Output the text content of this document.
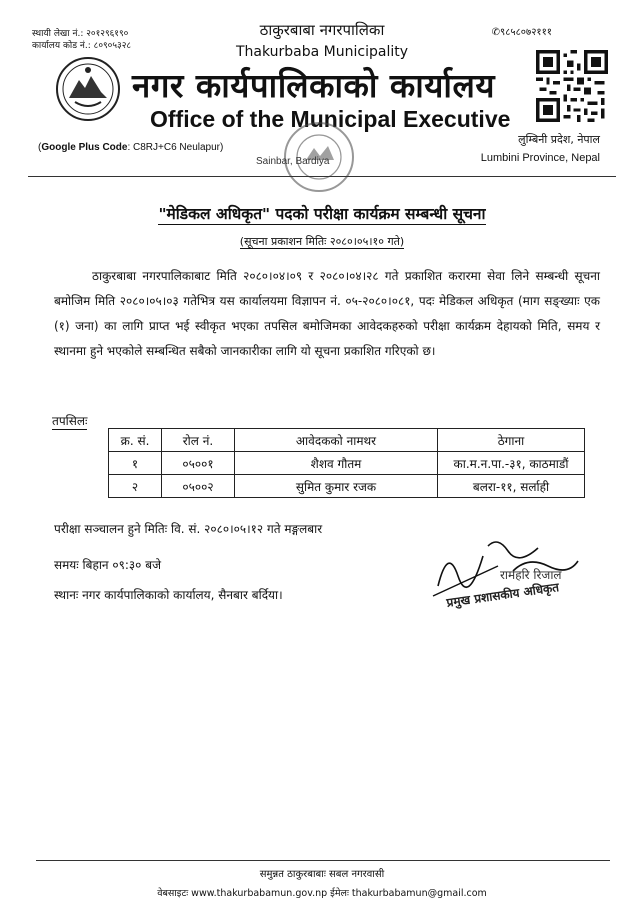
स्थायी लेखा नं.: २०१२९६१९०
कार्यालय कोड नं.: ८०९०५३२८
✆९८५८०७२१११
ठाकुरबाबा नगरपालिका
Thakurbaba Municipality
नगर कार्यपालिकाको कार्यालय
Office of the Municipal Executive
(Google Plus Code: C8RJ+C6 Neulapur)
Sainbar, Bardiya
लुम्बिनी प्रदेश, नेपाल
Lumbini Province, Nepal
"मेडिकल अधिकृत" पदको परीक्षा कार्यक्रम सम्बन्धी सूचना
(सूचना प्रकाशन मितिः २०८०।०५।१० गते)
ठाकुरबाबा नगरपालिकाबाट मिति २०८०।०४।०९ र २०८०।०४।२८ गते प्रकाशित करारमा सेवा लिने सम्बन्धी सूचना बमोजिम मिति २०८०।०५।०३ गतेभित्र यस कार्यालयमा विज्ञापन नं. ०५-२०८०।०८१, पदः मेडिकल अधिकृत (माग सङ्ख्याः एक (१) जना) का लागि प्राप्त भई स्वीकृत भएका तपसिल बमोजिमका आवेदकहरुको परीक्षा कार्यक्रम देहायको मिति, समय र स्थानमा हुने भएकोले सम्बन्धित सबैको जानकारीका लागि यो सूचना प्रकाशित गरिएको छ।
तपसिलः
क्र. सं.	रोल नं.	आवेदकको नामथर	ठेगाना
१	०५००१	शैशव गौतम	का.म.न.पा.-३१, काठमाडौं
२	०५००२	सुमित कुमार रजक	बलरा-११, सर्लाही
परीक्षा सञ्चालन हुने मितिः वि. सं. २०८०।०५।१२ गते मङ्गलबार
समयः बिहान ०९:३० बजे
स्थानः नगर कार्यपालिकाको कार्यालय, सैनबार बर्दिया।
रामहरि रिजाल
प्रमुख प्रशासकीय अधिकृत
समुन्नत ठाकुरबाबाः सबल नगरवासी
वेबसाइटः www.thakurbabamun.gov.np ईमेलः thakurbabamun@gmail.com
